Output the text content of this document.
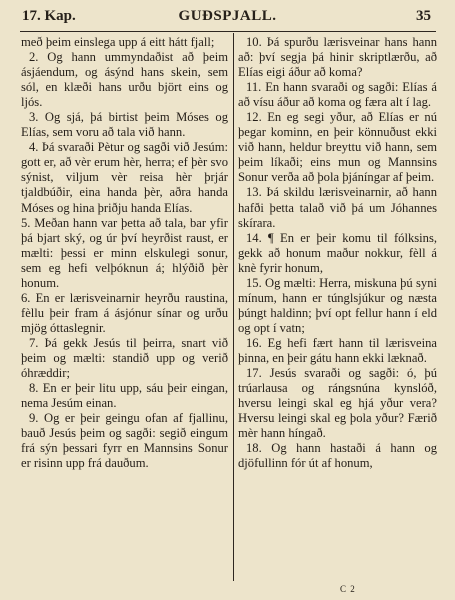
17. Kap.	GUÐSPJALL.	35

með þeim einslega upp á eitt hátt fjall;

2. Og hann ummyndaðist að þeim ásjáendum, og ásýnd hans skein, sem sól, en klæði hans urðu björt eins og ljós.

3. Og sjá, þá birtist þeim Móses og Elías, sem voru að tala við hann.

4. Þá svaraði Pètur og sagði við Jesúm: gott er, að vèr erum hèr, herra; ef þèr svo sýnist, viljum vèr reisa hèr þrjár tjaldbúðir, eina handa þèr, aðra handa Móses og hina þriðju handa Elías.

5. Meðan hann var þetta að tala, bar yfir þá bjart ský, og úr því heyrðist raust, er mælti: þessi er minn elskulegi sonur, sem eg hefi velþóknun á; hlýðið þèr honum.

6. En er lærisveinarnir heyrðu raustina, fèllu þeir fram á ásjónur sínar og urðu mjög óttaslegnir.

7. Þá gekk Jesús til þeirra, snart við þeim og mælti: standið upp og verið óhræddir;

8. En er þeir litu upp, sáu þeir eingan, nema Jesúm einan.

9. Og er þeir geingu ofan af fjallinu, bauð Jesús þeim og sagði: segið eingum frá sýn þessari fyrr en Mannsins Sonur er risinn upp frá dauðum.

10. Þá spurðu lærisveinar hans hann að: því segja þá hinir skriptlærðu, að Elías eigi áður að koma?

11. En hann svaraði og sagði: Elías á að vísu áður að koma og færa alt í lag.

12. En eg segi yður, að Elías er nú þegar kominn, en þeir könnuðust ekki við hann, heldur breyttu við hann, sem þeim líkaði; eins mun og Mannsins Sonur verða að þola þjáníngar af þeim.

13. Þá skildu lærisveinarnir, að hann hafði þetta talað við þá um Jóhannes skírara.

14. ¶ En er þeir komu til fólksins, gekk að honum maður nokkur, fèll á knè fyrir honum,

15. Og mælti: Herra, miskuna þú syni mínum, hann er túnglsjúkur og næsta þúngt haldinn; því opt fellur hann í eld og opt í vatn;

16. Eg hefi fært hann til lærisveina þinna, en þeir gátu hann ekki læknað.

17. Jesús svaraði og sagði: ó, þú trúarlausa og rángsnúna kynslóð, hversu leingi skal eg hjá yður vera? Hversu leingi skal eg þola yður? Færið mèr hann híngað.

18. Og hann hastaði á hann og djöfullinn fór út af honum,

C 2
